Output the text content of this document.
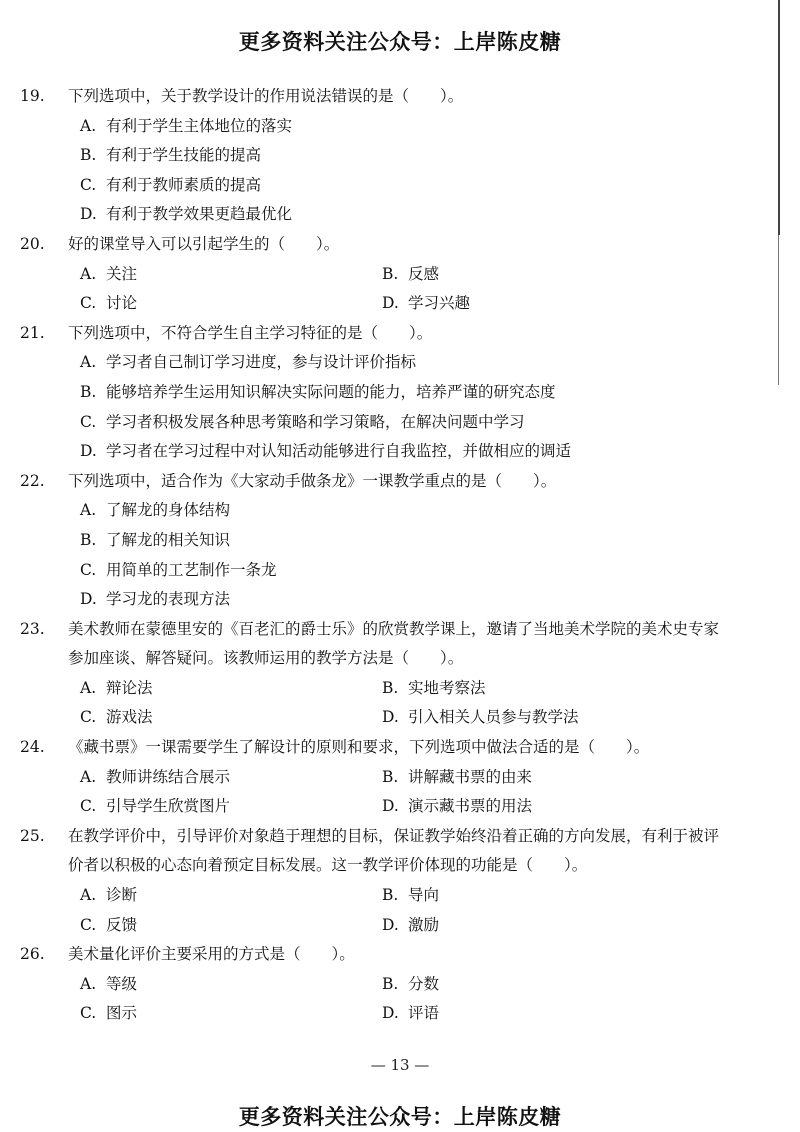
更多资料关注公众号：上岸陈皮糖
19.	下列选项中，关于教学设计的作用说法错误的是（　　）。
A. 有利于学生主体地位的落实
B. 有利于学生技能的提高
C. 有利于教师素质的提高
D. 有利于教学效果更趋最优化
20.	好的课堂导入可以引起学生的（　　）。
A. 关注	B. 反感
C. 讨论	D. 学习兴趣
21.	下列选项中，不符合学生自主学习特征的是（　　）。
A. 学习者自己制订学习进度，参与设计评价指标
B. 能够培养学生运用知识解决实际问题的能力，培养严谨的研究态度
C. 学习者积极发展各种思考策略和学习策略，在解决问题中学习
D. 学习者在学习过程中对认知活动能够进行自我监控，并做相应的调适
22.	下列选项中，适合作为《大家动手做条龙》一课教学重点的是（　　）。
A. 了解龙的身体结构
B. 了解龙的相关知识
C. 用简单的工艺制作一条龙
D. 学习龙的表现方法
23.	美术教师在蒙德里安的《百老汇的爵士乐》的欣赏教学课上，邀请了当地美术学院的美术史专家参加座谈、解答疑问。该教师运用的教学方法是（　　）。
A. 辩论法	B. 实地考察法
C. 游戏法	D. 引入相关人员参与教学法
24.	《藏书票》一课需要学生了解设计的原则和要求，下列选项中做法合适的是（　　）。
A. 教师讲练结合展示	B. 讲解藏书票的由来
C. 引导学生欣赏图片	D. 演示藏书票的用法
25.	在教学评价中，引导评价对象趋于理想的目标，保证教学始终沿着正确的方向发展，有利于被评价者以积极的心态向着预定目标发展。这一教学评价体现的功能是（　　）。
A. 诊断	B. 导向
C. 反馈	D. 激励
26.	美术量化评价主要采用的方式是（　　）。
A. 等级	B. 分数
C. 图示	D. 评语
— 13 —
更多资料关注公众号：上岸陈皮糖
